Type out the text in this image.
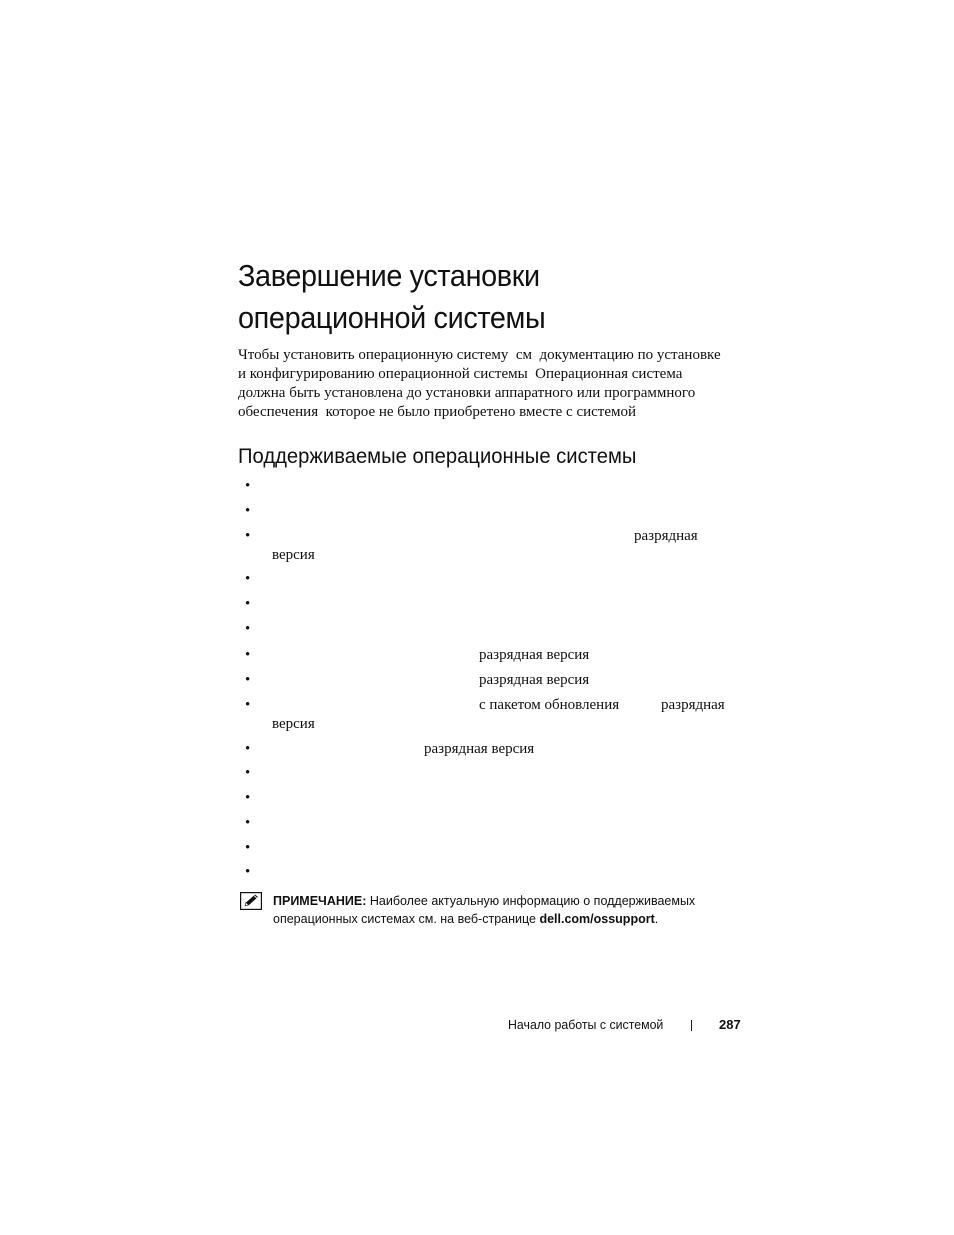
Завершение установки
операционной системы

Чтобы установить операционную систему  см  документацию по установке
и конфигурированию операционной системы  Операционная система
должна быть установлена до установки аппаратного или программного
обеспечения  которое не было приобретено вместе с системой

Поддерживаемые операционные системы
•
•
•	разрядная
версия
•
•
•
•	разрядная версия
•	разрядная версия
•	с пакетом обновления	разрядная
версия
•	разрядная версия
•
•
•
•
•
ПРИМЕЧАНИЕ: Наиболее актуальную информацию о поддерживаемых
операционных системах см. на веб-странице dell.com/ossupport.
Начало работы с системой	287
